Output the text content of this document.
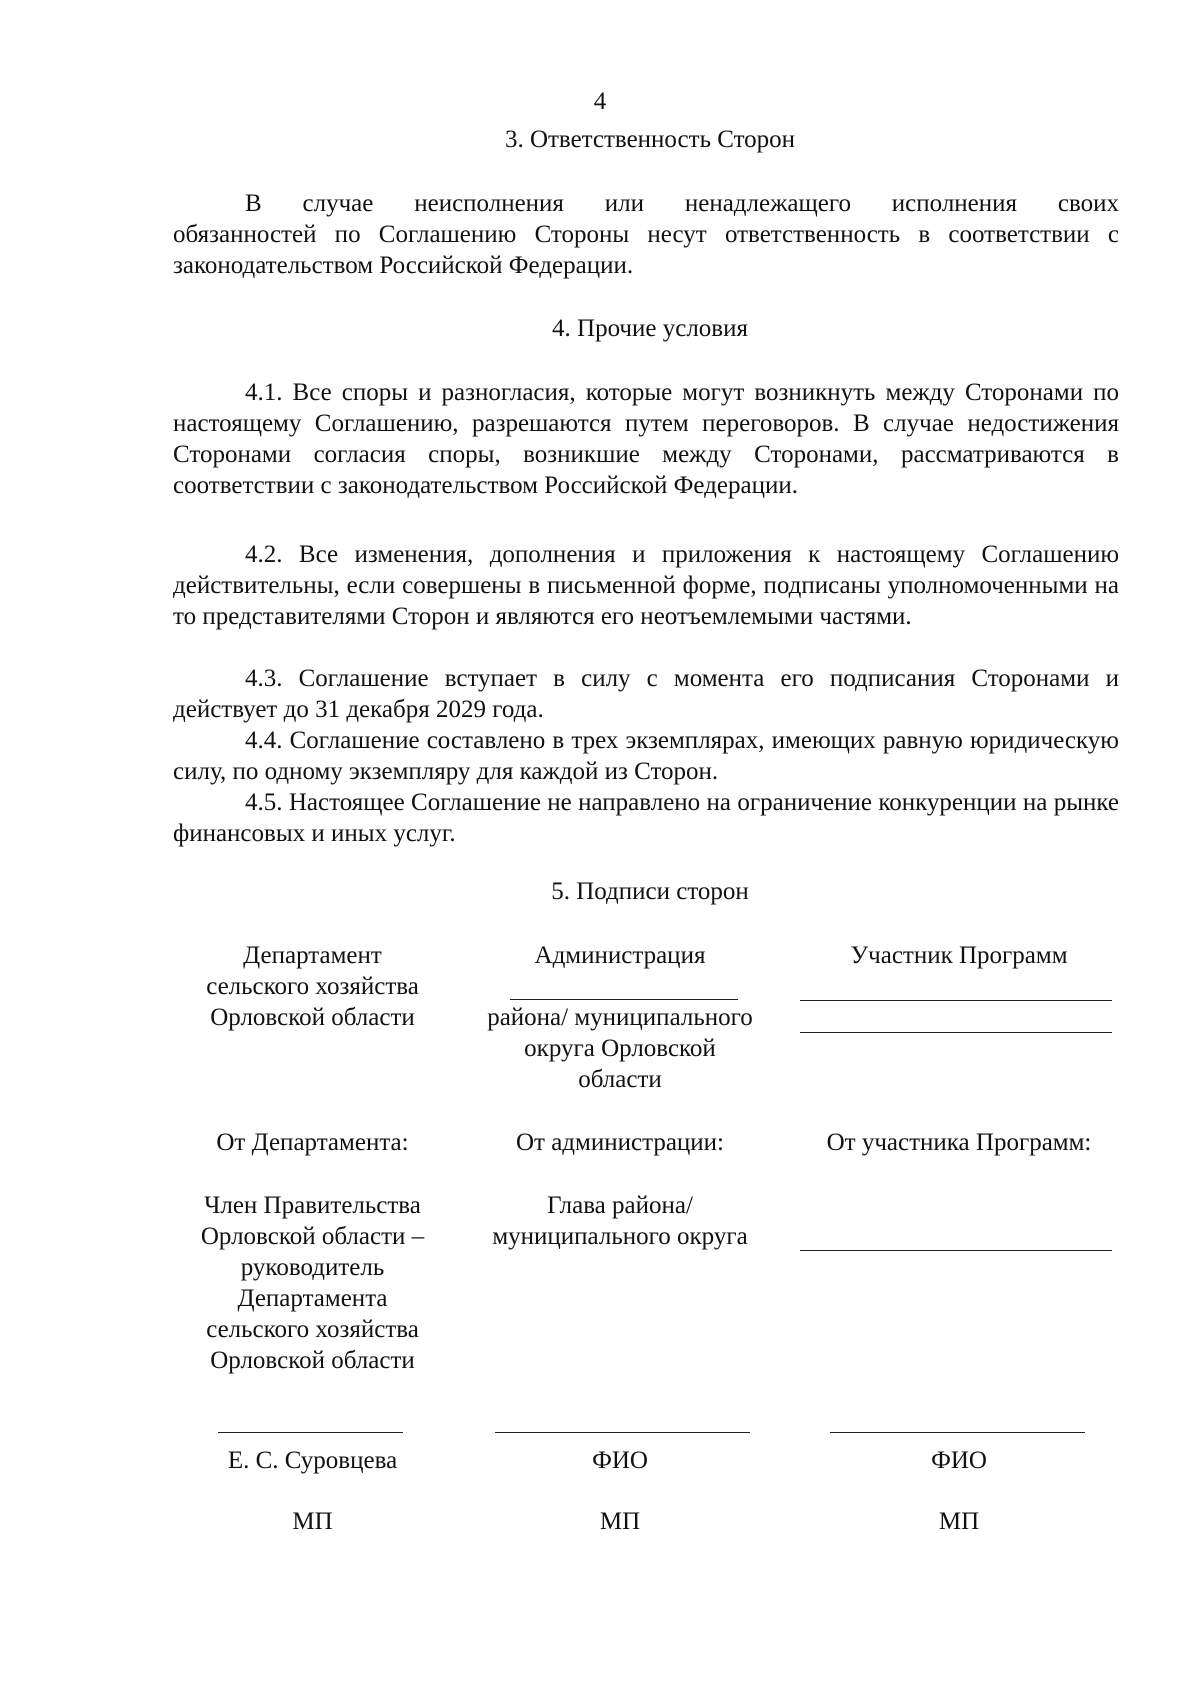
4
3. Ответственность Сторон
В случае неисполнения или ненадлежащего исполнения своих
обязанностей по Соглашению Стороны несут ответственность в соответствии с законодательством Российской Федерации.
4. Прочие условия
4.1. Все споры и разногласия, которые могут возникнуть между Сторонами по настоящему Соглашению, разрешаются путем переговоров. В случае недостижения Сторонами согласия споры, возникшие между Сторонами, рассматриваются в соответствии с законодательством Российской Федерации.
4.2. Все изменения, дополнения и приложения к настоящему Соглашению действительны, если совершены в письменной форме, подписаны уполномоченными на то представителями Сторон и являются его неотъемлемыми частями.
4.3. Соглашение вступает в силу с момента его подписания Сторонами и действует до 31 декабря 2029 года.
4.4. Соглашение составлено в трех экземплярах, имеющих равную юридическую силу, по одному экземпляру для каждой из Сторон.
4.5. Настоящее Соглашение не направлено на ограничение конкуренции на рынке финансовых и иных услуг.
5. Подписи сторон
Департамент
сельского хозяйства
Орловской области
От Департамента:
Член Правительства
Орловской области –
руководитель
Департамента
сельского хозяйства
Орловской области
Е. С. Суровцева
МП
Администрация
района/ муниципального
округа Орловской
области
От администрации:
Глава района/
муниципального округа
ФИО
МП
Участник Программ
От участника Программ:
ФИО
МП
